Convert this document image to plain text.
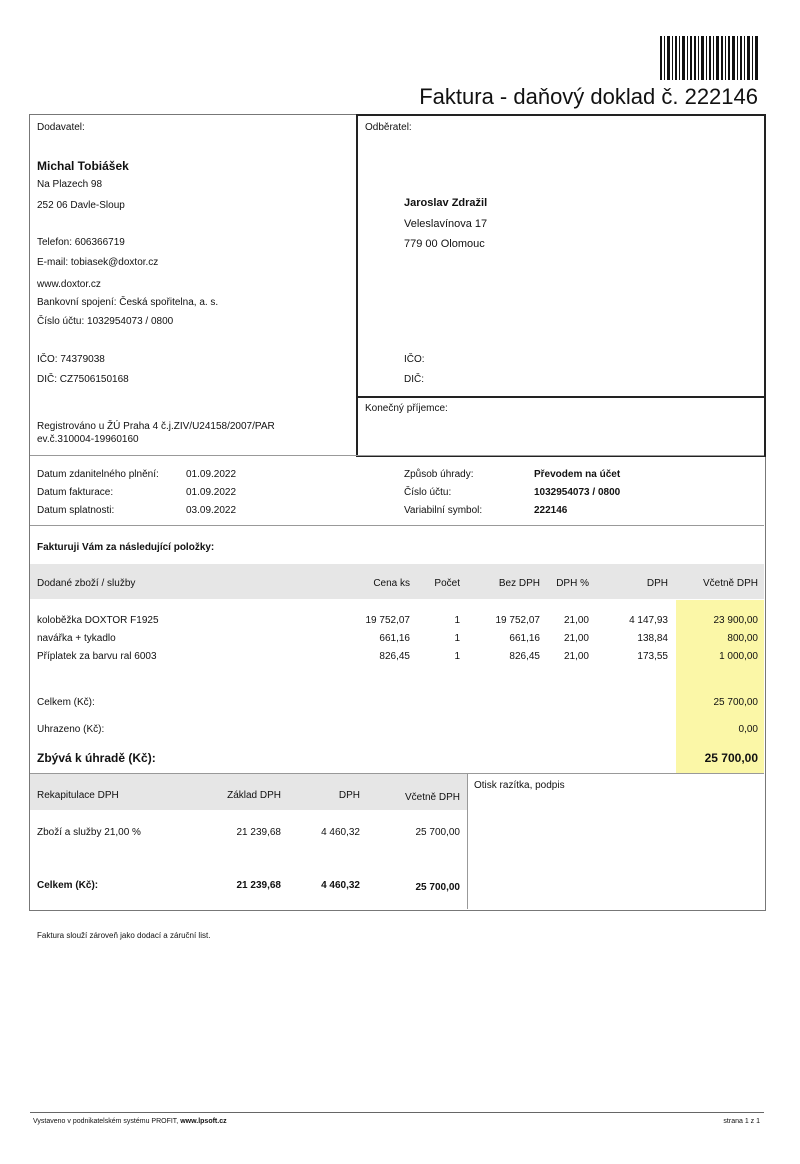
Faktura - daňový doklad č. 222146
Dodavatel:
Michal Tobiášek
Na Plazech 98
252 06 Davle-Sloup
Telefon: 606366719
E-mail: tobiasek@doxtor.cz
www.doxtor.cz
Bankovní spojení: Česká spořitelna, a. s.
Číslo účtu: 1032954073 / 0800
IČO: 74379038
DIČ: CZ7506150168
Registrováno u ŽÚ Praha 4 č.j.ZIV/U24158/2007/PAR
ev.č.310004-19960160
Odběratel:
Jaroslav Zdražil
Veleslavínova 17
779 00 Olomouc
IČO:
DIČ:
Konečný příjemce:
Datum zdanitelného plnění:	01.09.2022
Datum fakturace:	01.09.2022
Datum splatnosti:	03.09.2022
Způsob úhrady:	Převodem na účet
Číslo účtu:	1032954073 / 0800
Variabilní symbol:	222146
Fakturuji Vám za následující položky:
Dodané zboží / služby	Cena ks	Počet	Bez DPH	DPH %	DPH	Včetně DPH
koloběžka DOXTOR F1925	19 752,07	1	19 752,07	21,00	4 147,93	23 900,00
navářka + tykadlo	661,16	1	661,16	21,00	138,84	800,00
Příplatek za barvu ral 6003	826,45	1	826,45	21,00	173,55	1 000,00
Celkem (Kč):	25 700,00
Uhrazeno (Kč):	0,00
Zbývá k úhradě (Kč):	25 700,00
Rekapitulace DPH	Základ DPH	DPH	Včetně DPH
Zboží a služby 21,00 %	21 239,68	4 460,32	25 700,00
Celkem (Kč):	21 239,68	4 460,32	25 700,00
Otisk razítka, podpis
Faktura slouží zároveň jako dodací a záruční list.
Vystaveno v podnikatelském systému PROFIT, www.lpsoft.cz	strana 1 z 1
